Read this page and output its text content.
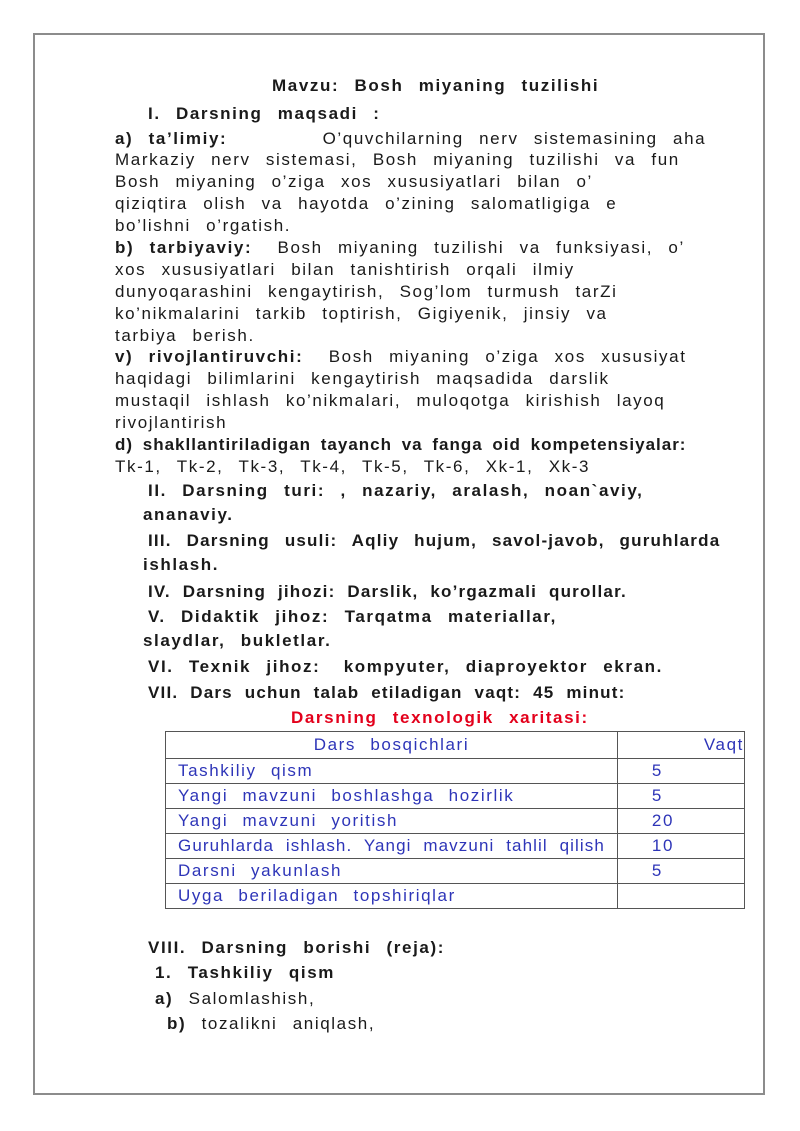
Mavzu: Bosh miyaning tuzilishi
I. Darsning maqsadi :
a) ta’limiy:	O’quvchilarning nerv sistemasining aha
Markaziy nerv sistemasi, Bosh miyaning tuzilishi va fun
Bosh miyaning o’ziga xos xususiyatlari bilan o’
qiziqtira olish va hayotda o’zining salomatligiga e
bo’lishni o’rgatish.
b) tarbiyaviy: Bosh miyaning tuzilishi va funksiyasi, o’
xos xususiyatlari bilan tanishtirish orqali ilmiy
dunyoqarashini kengaytirish, Sog’lom turmush tarZi
ko’nikmalarini tarkib toptirish, Gigiyenik, jinsiy va
tarbiya berish.
v) rivojlantiruvchi: Bosh miyaning o’ziga xos xususiyat
haqidagi bilimlarini kengaytirish maqsadida darslik
mustaqil ishlash ko’nikmalari, muloqotga kirishish layoq
rivojlantirish
d) shakllantiriladigan tayanch va fanga oid kompetensiyalar:
Tk-1, Tk-2, Tk-3, Tk-4, Tk-5, Tk-6, Xk-1, Xk-3
II. Darsning turi: , nazariy, aralash, noan`aviy,
ananaviy.
III. Darsning usuli: Aqliy hujum, savol-javob, guruhlarda
ishlash.
IV. Darsning jihozi: Darslik, ko’rgazmali qurollar.
V. Didaktik jihoz: Tarqatma materiallar,
slaydlar, bukletlar.
VI. Texnik jihoz: kompyuter, diaproyektor ekran.
VII. Dars uchun talab etiladigan vaqt: 45 minut:
Darsning texnologik xaritasi:
Dars bosqichlari	Vaqt
Tashkiliy qism	5
Yangi mavzuni boshlashga hozirlik	5
Yangi mavzuni yoritish	20
Guruhlarda ishlash. Yangi mavzuni tahlil qilish	10
Darsni yakunlash	5
Uyga beriladigan topshiriqlar	
VIII. Darsning borishi (reja):
1. Tashkiliy qism
a) Salomlashish,
b) tozalikni aniqlash,
